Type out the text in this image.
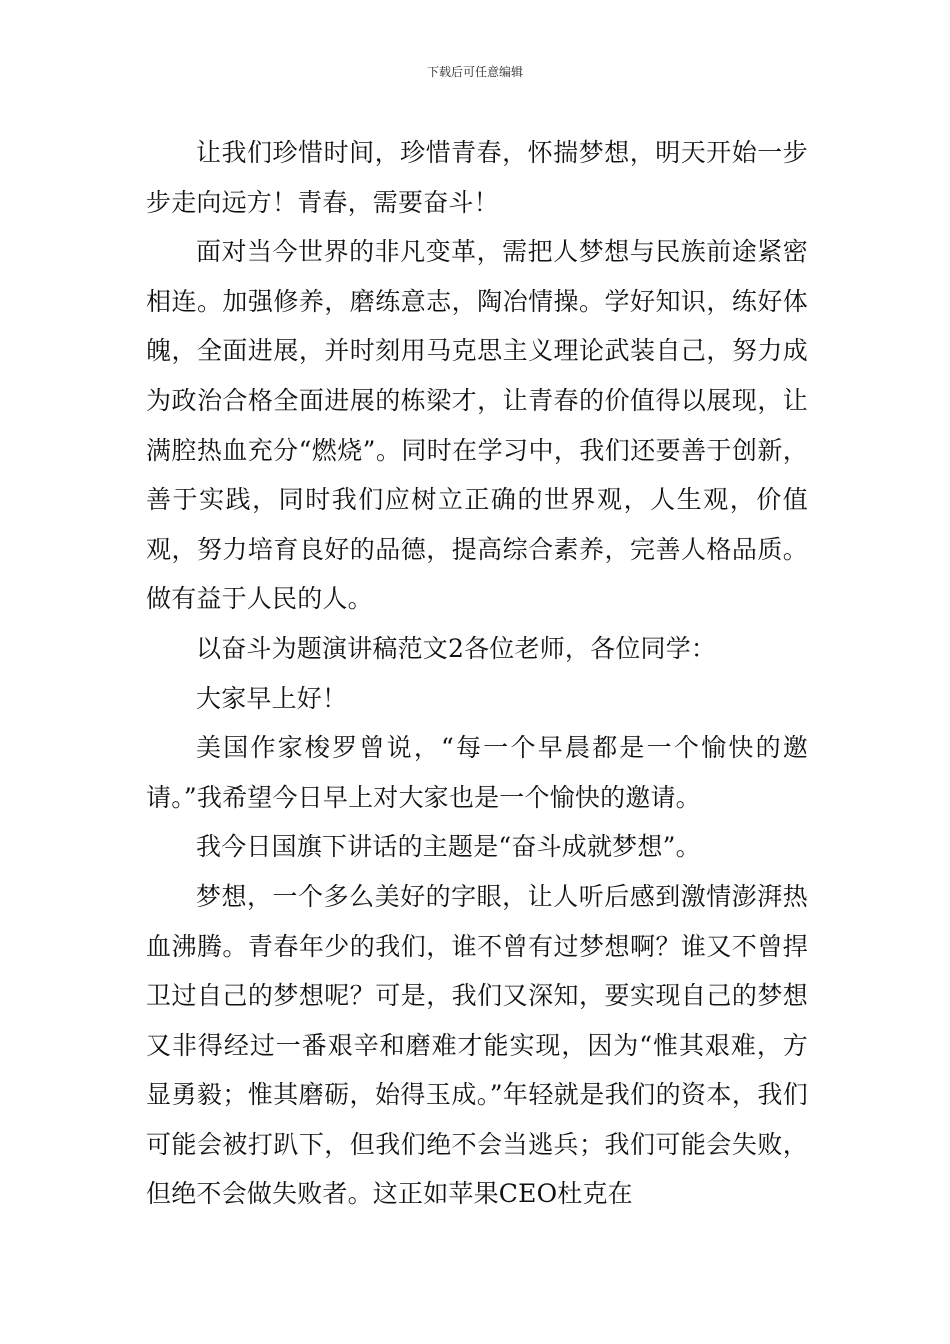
下载后可任意编辑

让我们珍惜时间，珍惜青春，怀揣梦想，明天开始一步步走向远方！青春，需要奋斗！

面对当今世界的非凡变革，需把人梦想与民族前途紧密相连。加强修养，磨练意志，陶冶情操。学好知识，练好体魄，全面进展，并时刻用马克思主义理论武装自己，努力成为政治合格全面进展的栋梁才，让青春的价值得以展现，让满腔热血充分“燃烧”。同时在学习中，我们还要善于创新，善于实践，同时我们应树立正确的世界观，人生观，价值观，努力培育良好的品德，提高综合素养，完善人格品质。做有益于人民的人。

以奋斗为题演讲稿范文2各位老师，各位同学：

大家早上好！

美国作家梭罗曾说，“每一个早晨都是一个愉快的邀请。”我希望今日早上对大家也是一个愉快的邀请。

我今日国旗下讲话的主题是“奋斗成就梦想”。

梦想，一个多么美好的字眼，让人听后感到激情澎湃热血沸腾。青春年少的我们，谁不曾有过梦想啊？谁又不曾捍卫过自己的梦想呢？可是，我们又深知，要实现自己的梦想又非得经过一番艰辛和磨难才能实现，因为“惟其艰难，方显勇毅；惟其磨砺，始得玉成。”年轻就是我们的资本，我们可能会被打趴下，但我们绝不会当逃兵；我们可能会失败，但绝不会做失败者。这正如苹果CEO杜克在
